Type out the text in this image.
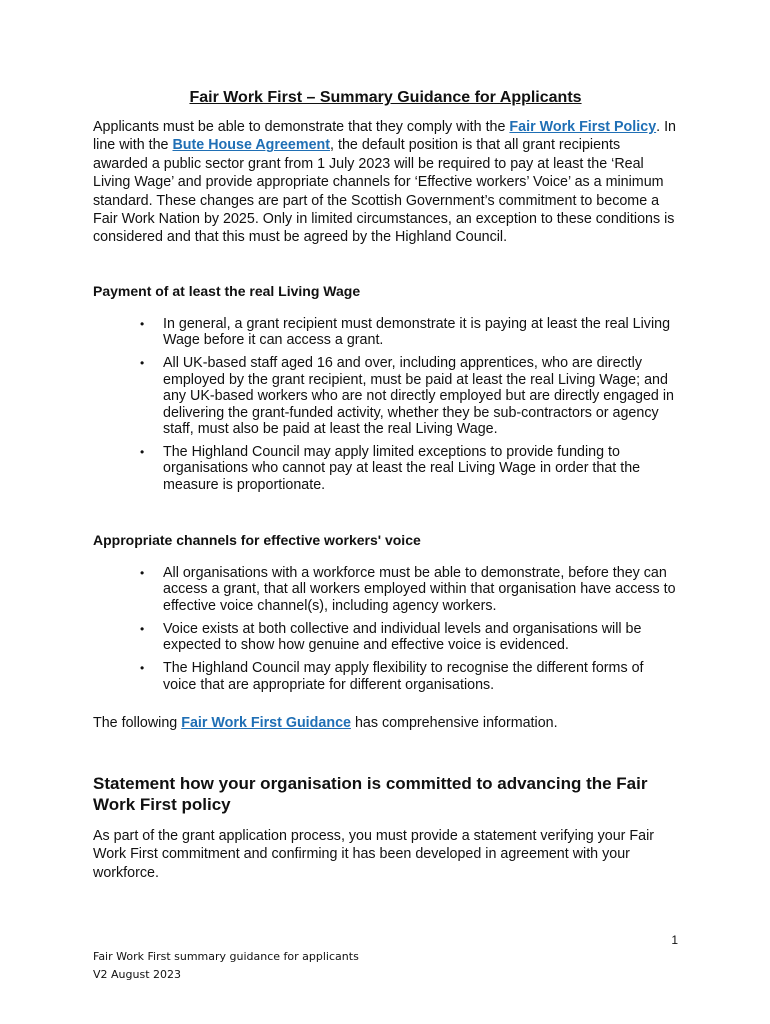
Fair Work First – Summary Guidance for Applicants

Applicants must be able to demonstrate that they comply with the Fair Work First Policy. In line with the Bute House Agreement, the default position is that all grant recipients awarded a public sector grant from 1 July 2023 will be required to pay at least the ‘Real Living Wage’ and provide appropriate channels for ‘Effective workers’ Voice’ as a minimum standard. These changes are part of the Scottish Government’s commitment to become a Fair Work Nation by 2025. Only in limited circumstances, an exception to these conditions is considered and that this must be agreed by the Highland Council.

Payment of at least the real Living Wage
• In general, a grant recipient must demonstrate it is paying at least the real Living Wage before it can access a grant.
• All UK-based staff aged 16 and over, including apprentices, who are directly employed by the grant recipient, must be paid at least the real Living Wage; and any UK-based workers who are not directly employed but are directly engaged in delivering the grant-funded activity, whether they be sub-contractors or agency staff, must also be paid at least the real Living Wage.
• The Highland Council may apply limited exceptions to provide funding to organisations who cannot pay at least the real Living Wage in order that the measure is proportionate.
Appropriate channels for effective workers' voice
• All organisations with a workforce must be able to demonstrate, before they can access a grant, that all workers employed within that organisation have access to effective voice channel(s), including agency workers.
• Voice exists at both collective and individual levels and organisations will be expected to show how genuine and effective voice is evidenced.
• The Highland Council may apply flexibility to recognise the different forms of voice that are appropriate for different organisations.

The following Fair Work First Guidance has comprehensive information.

Statement how your organisation is committed to advancing the Fair Work First policy

As part of the grant application process, you must provide a statement verifying your Fair Work First commitment and confirming it has been developed in agreement with your workforce.

1

Fair Work First summary guidance for applicants
V2 August 2023
